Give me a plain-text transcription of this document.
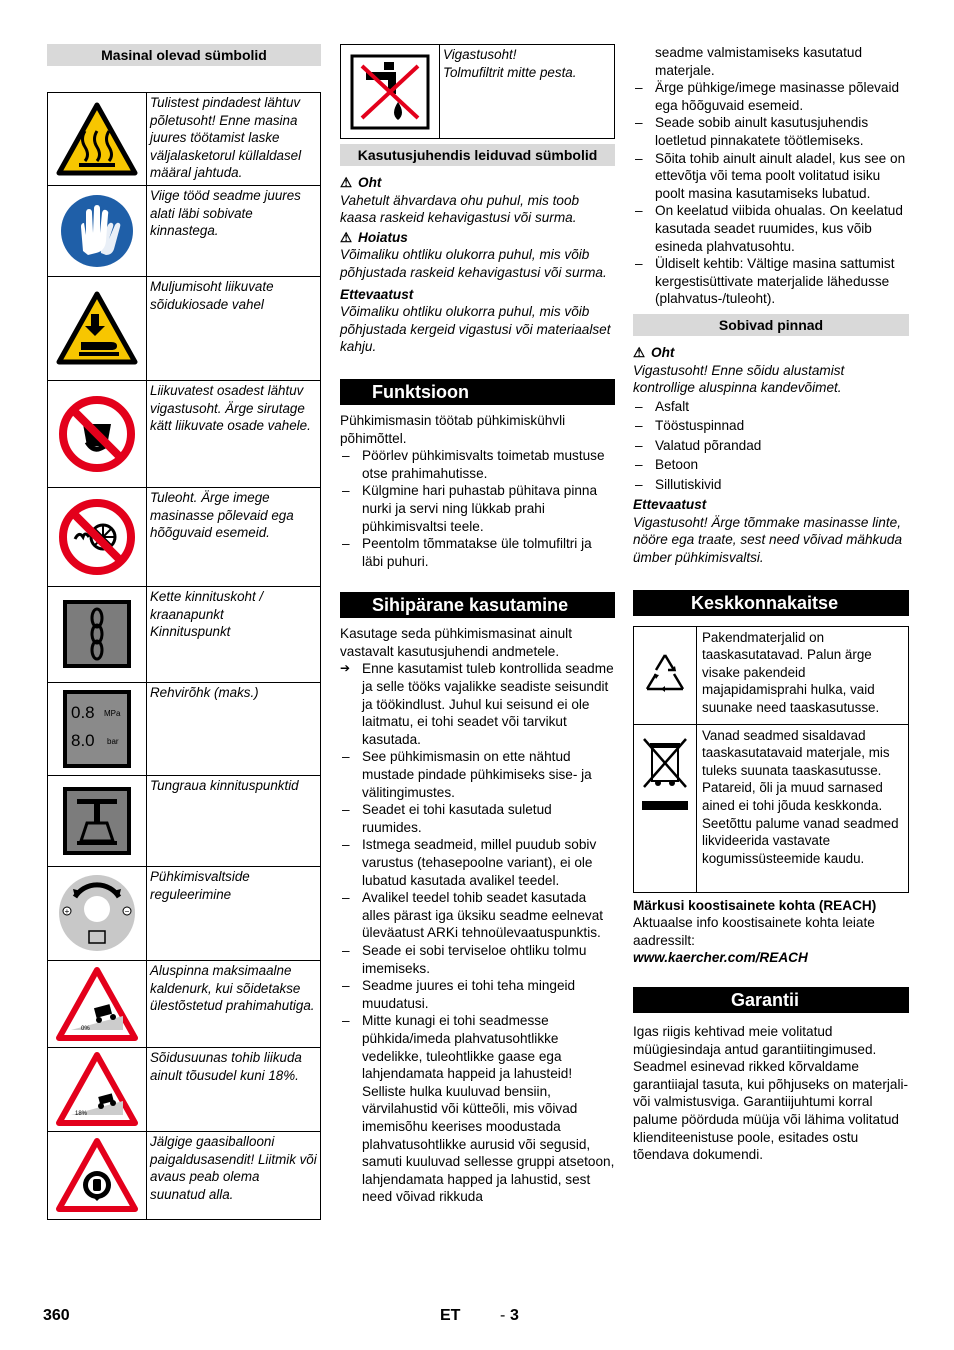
Masinal olevad sümbolid
	Tulistest pindadest lähtuv põletusoht! Enne masina juures töötamist laske väljalasketorul küllaldasel määral jahtuda.

	Viige tööd seadme juures alati läbi sobivate kinnastega.

	Muljumisoht liikuvate sõidukiosade vahel

	Liikuvatest osadest lähtuv vigastusoht. Ärge sirutage kätt liikuvate osade vahele.

	Tuleoht. Ärge imege masinasse põlevaid ega hõõguvaid esemeid.

	Kette kinnituskoht / kraanapunkt
Kinnituspunkt

0.8 MPa
8.0 bar	Rehvirõhk (maks.)

	Tungraua kinnituspunktid

+ −	Pühkimisvaltside reguleerimine

0%	Aluspinna maksimaalne kaldenurk, kui sõidetakse ülestõstetud prahimahutiga.

18%	Sõidusuunas tohib liikuda ainult tõusudel kuni 18%.

	Jälgige gaasiballooni paigaldusasendit! Liitmik või avaus peab olema suunatud alla.
	Vigastusoht!
Tolmufiltrit mitte pesta.
Kasutusjuhendis leiduvad sümbolid

⚠ Oht

Vahetult ähvardava ohu puhul, mis toob kaasa raskeid kehavigastusi või surma.

⚠ Hoiatus

Võimaliku ohtliku olukorra puhul, mis võib põhjustada raskeid kehavigastusi või surma.

Ettevaatust

Võimaliku ohtliku olukorra puhul, mis võib põhjustada kergeid vigastusi või materiaalset kahju.

Funktsioon

Pühkimismasin töötab pühkimiskühvli põhimõttel.

– Pöörlev pühkimisvalts toimetab mustuse otse prahimahutisse.
– Külgmine hari puhastab pühitava pinna nurki ja servi ning lükkab prahi pühkimisvaltsi teele.
– Peentolm tõmmatakse üle tolmufiltri ja läbi puhuri.
Sihipärane kasutamine

Kasutage seda pühkimismasinat ainult vastavalt kasutusjuhendi andmetele.

➔ Enne kasutamist tuleb kontrollida seadme ja selle tööks vajalikke seadiste seisundit ja töökindlust. Juhul kui seisund ei ole laitmatu, ei tohi seadet või tarvikut kasutada.
– See pühkimismasin on ette nähtud mustade pindade pühkimiseks sise- ja välitingimustes.
– Seadet ei tohi kasutada suletud ruumides.
– Istmega seadmeid, millel puudub sobiv varustus (tehasepoolne variant), ei ole lubatud kasutada avalikel teedel.
– Avalikel teedel tohib seadet kasutada alles pärast iga üksiku seadme eelnevat üleväatust ARKi tehnoülevaatuspunktis.
– Seade ei sobi terviseloe ohtliku tolmu imemiseks.
– Seadme juures ei tohi teha mingeid muudatusi.
– Mitte kunagi ei tohi seadmesse pühkida/imeda plahvatusohtlikke vedelikke, tuleohtlikke gaase ega lahjendamata happeid ja lahusteid! Selliste hulka kuuluvad bensiin, värvilahustid või kütteõli, mis võivad imemisõhu keerises moodustada plahvatusohtlikke aurusid või segusid, samuti kuuluvad sellesse gruppi atsetoon, lahjendamata happed ja lahustid, sest need võivad rikkuda

seadme valmistamiseks kasutatud materjale.

– Ärge pühkige/imege masinasse põlevaid ega hõõguvaid esemeid.
– Seade sobib ainult kasutusjuhendis loetletud pinnakatete töötlemiseks.
– Sõita tohib ainult ainult aladel, kus see on ettevõtja või tema poolt volitatud isiku poolt masina kasutamiseks lubatud.
– On keelatud viibida ohualas. On keelatud kasutada seadet ruumides, kus võib esineda plahvatusohtu.
– Üldiselt kehtib: Vältige masina sattumist kergestisüttivate materjalide lähedusse (plahvatus-/tuleoht).
Sobivad pinnad

⚠ Oht

Vigastusoht! Enne sõidu alustamist kontrollige aluspinna kandevõimet.

– Asfalt
– Tööstuspinnad
– Valatud põrandad
– Betoon
– Sillutiskivid

Ettevaatust

Vigastusoht! Ärge tõmmake masinasse linte, nööre ega traate, sest need võivad mähkuda ümber pühkimisvaltsi.

Keskkonnakaitse
	Pakendmaterjalid on taaskasutatavad. Palun ärge visake pakendeid majapidamisprahi hulka, vaid suunake need taaskasutusse.

	Vanad seadmed sisaldavad taaskasutatavaid materjale, mis tuleks suunata taaskasutusse. Patareid, õli ja muud sarnased ained ei tohi jõuda keskkonda. Seetõttu palume vanad seadmed likvideerida vastavate kogumissüsteemide kaudu.

Märkusi koostisainete kohta (REACH)

Aktuaalse info koostisainete kohta leiate aadressilt:

www.kaercher.com/REACH

Garantii

Igas riigis kehtivad meie volitatud müügiesindaja antud garantiitingimused. Seadmel esinevad rikked kõrvaldame garantiiajal tasuta, kui põhjuseks on materjali- või valmistusviga. Garantiijuhtumi korral palume pöörduda müüja või lähima volitatud klienditeenistuse poole, esitades ostu tõendava dokumendi.

360	ET - 3
